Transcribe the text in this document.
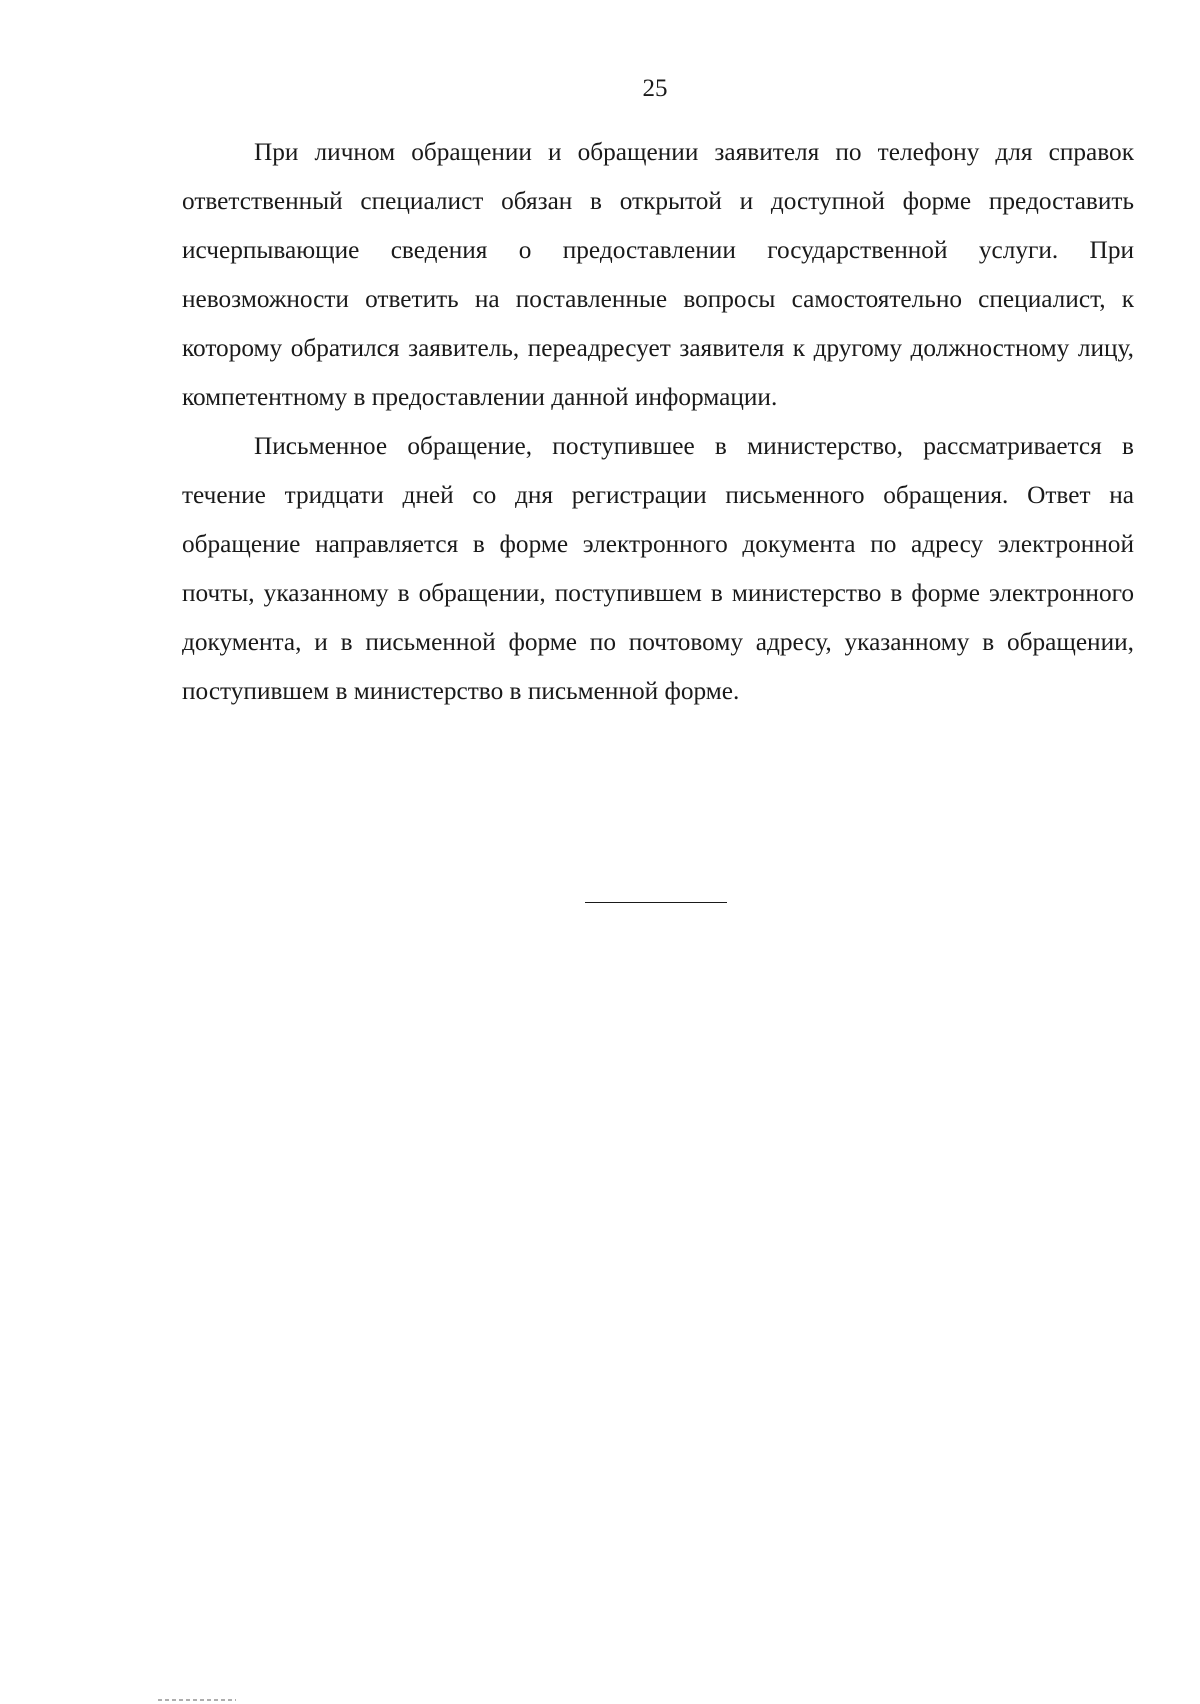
25

При личном обращении и обращении заявителя по телефону для справок ответственный специалист обязан в открытой и доступной форме предоставить исчерпывающие сведения о предоставлении государственной услуги. При невозможности ответить на поставленные вопросы самостоятельно специалист, к которому обратился заявитель, переадресует заявителя к другому должностному лицу, компетентному в предоставлении данной информации.

Письменное обращение, поступившее в министерство, рассматривается в течение тридцати дней со дня регистрации письменного обращения. Ответ на обращение направляется в форме электронного документа по адресу электронной почты, указанному в обращении, поступившем в министерство в форме электронного документа, и в письменной форме по почтовому адресу, указанному в обращении, поступившем в министерство в письменной форме.
